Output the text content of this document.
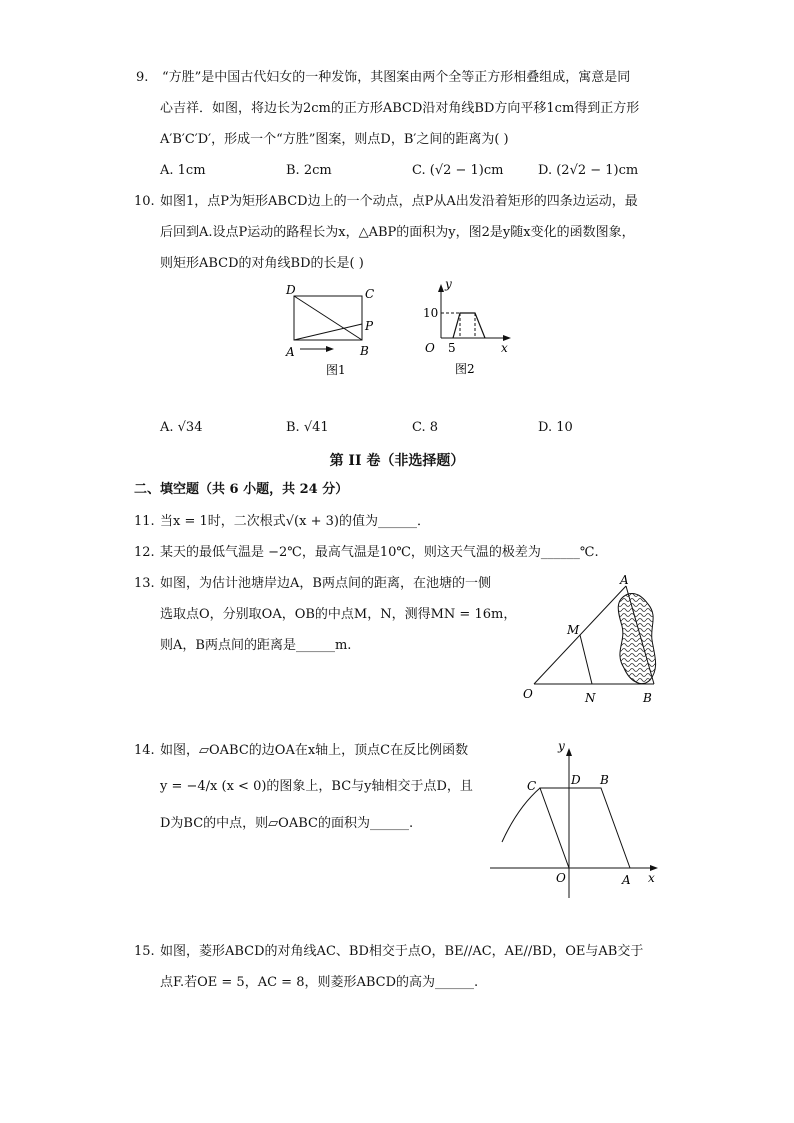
9. “方胜”是中国古代妇女的一种发饰，其图案由两个全等正方形相叠组成，寓意是同
心吉祥．如图，将边长为2cm的正方形ABCD沿对角线BD方向平移1cm得到正方形
A′B′C′D′，形成一个“方胜”图案，则点D，B′之间的距离为( )
A. 1cm	B. 2cm	C. (√2 − 1)cm	D. (2√2 − 1)cm
10. 如图1，点P为矩形ABCD边上的一个动点，点P从A出发沿着矩形的四条边运动，最
后回到A.设点P运动的路程长为x，△ABP的面积为y，图2是y随x变化的函数图象，
则矩形ABCD的对角线BD的长是( )
D	C
P
A	B
图1
y
x
O 5
10
图2
A. √34	B. √41	C. 8	D. 10
第 II 卷（非选择题）
二、填空题（共 6 小题，共 24 分）
11. 当x = 1时，二次根式√(x + 3)的值为______．
12. 某天的最低气温是 −2℃，最高气温是10℃，则这天气温的极差为______℃.
13. 如图，为估计池塘岸边A，B两点间的距离，在池塘的一侧
选取点O，分别取OA，OB的中点M，N，测得MN = 16m，
则A，B两点间的距离是______m.
A
M
O	N	B
14. 如图，▱OABC的边OA在x轴上，顶点C在反比例函数
y = −4/x (x < 0)的图象上，BC与y轴相交于点D，且
D为BC的中点，则▱OABC的面积为______.
y
C	D B
O	A x
15. 如图，菱形ABCD的对角线AC、BD相交于点O，BE//AC，AE//BD，OE与AB交于
点F.若OE = 5，AC = 8，则菱形ABCD的高为______.
